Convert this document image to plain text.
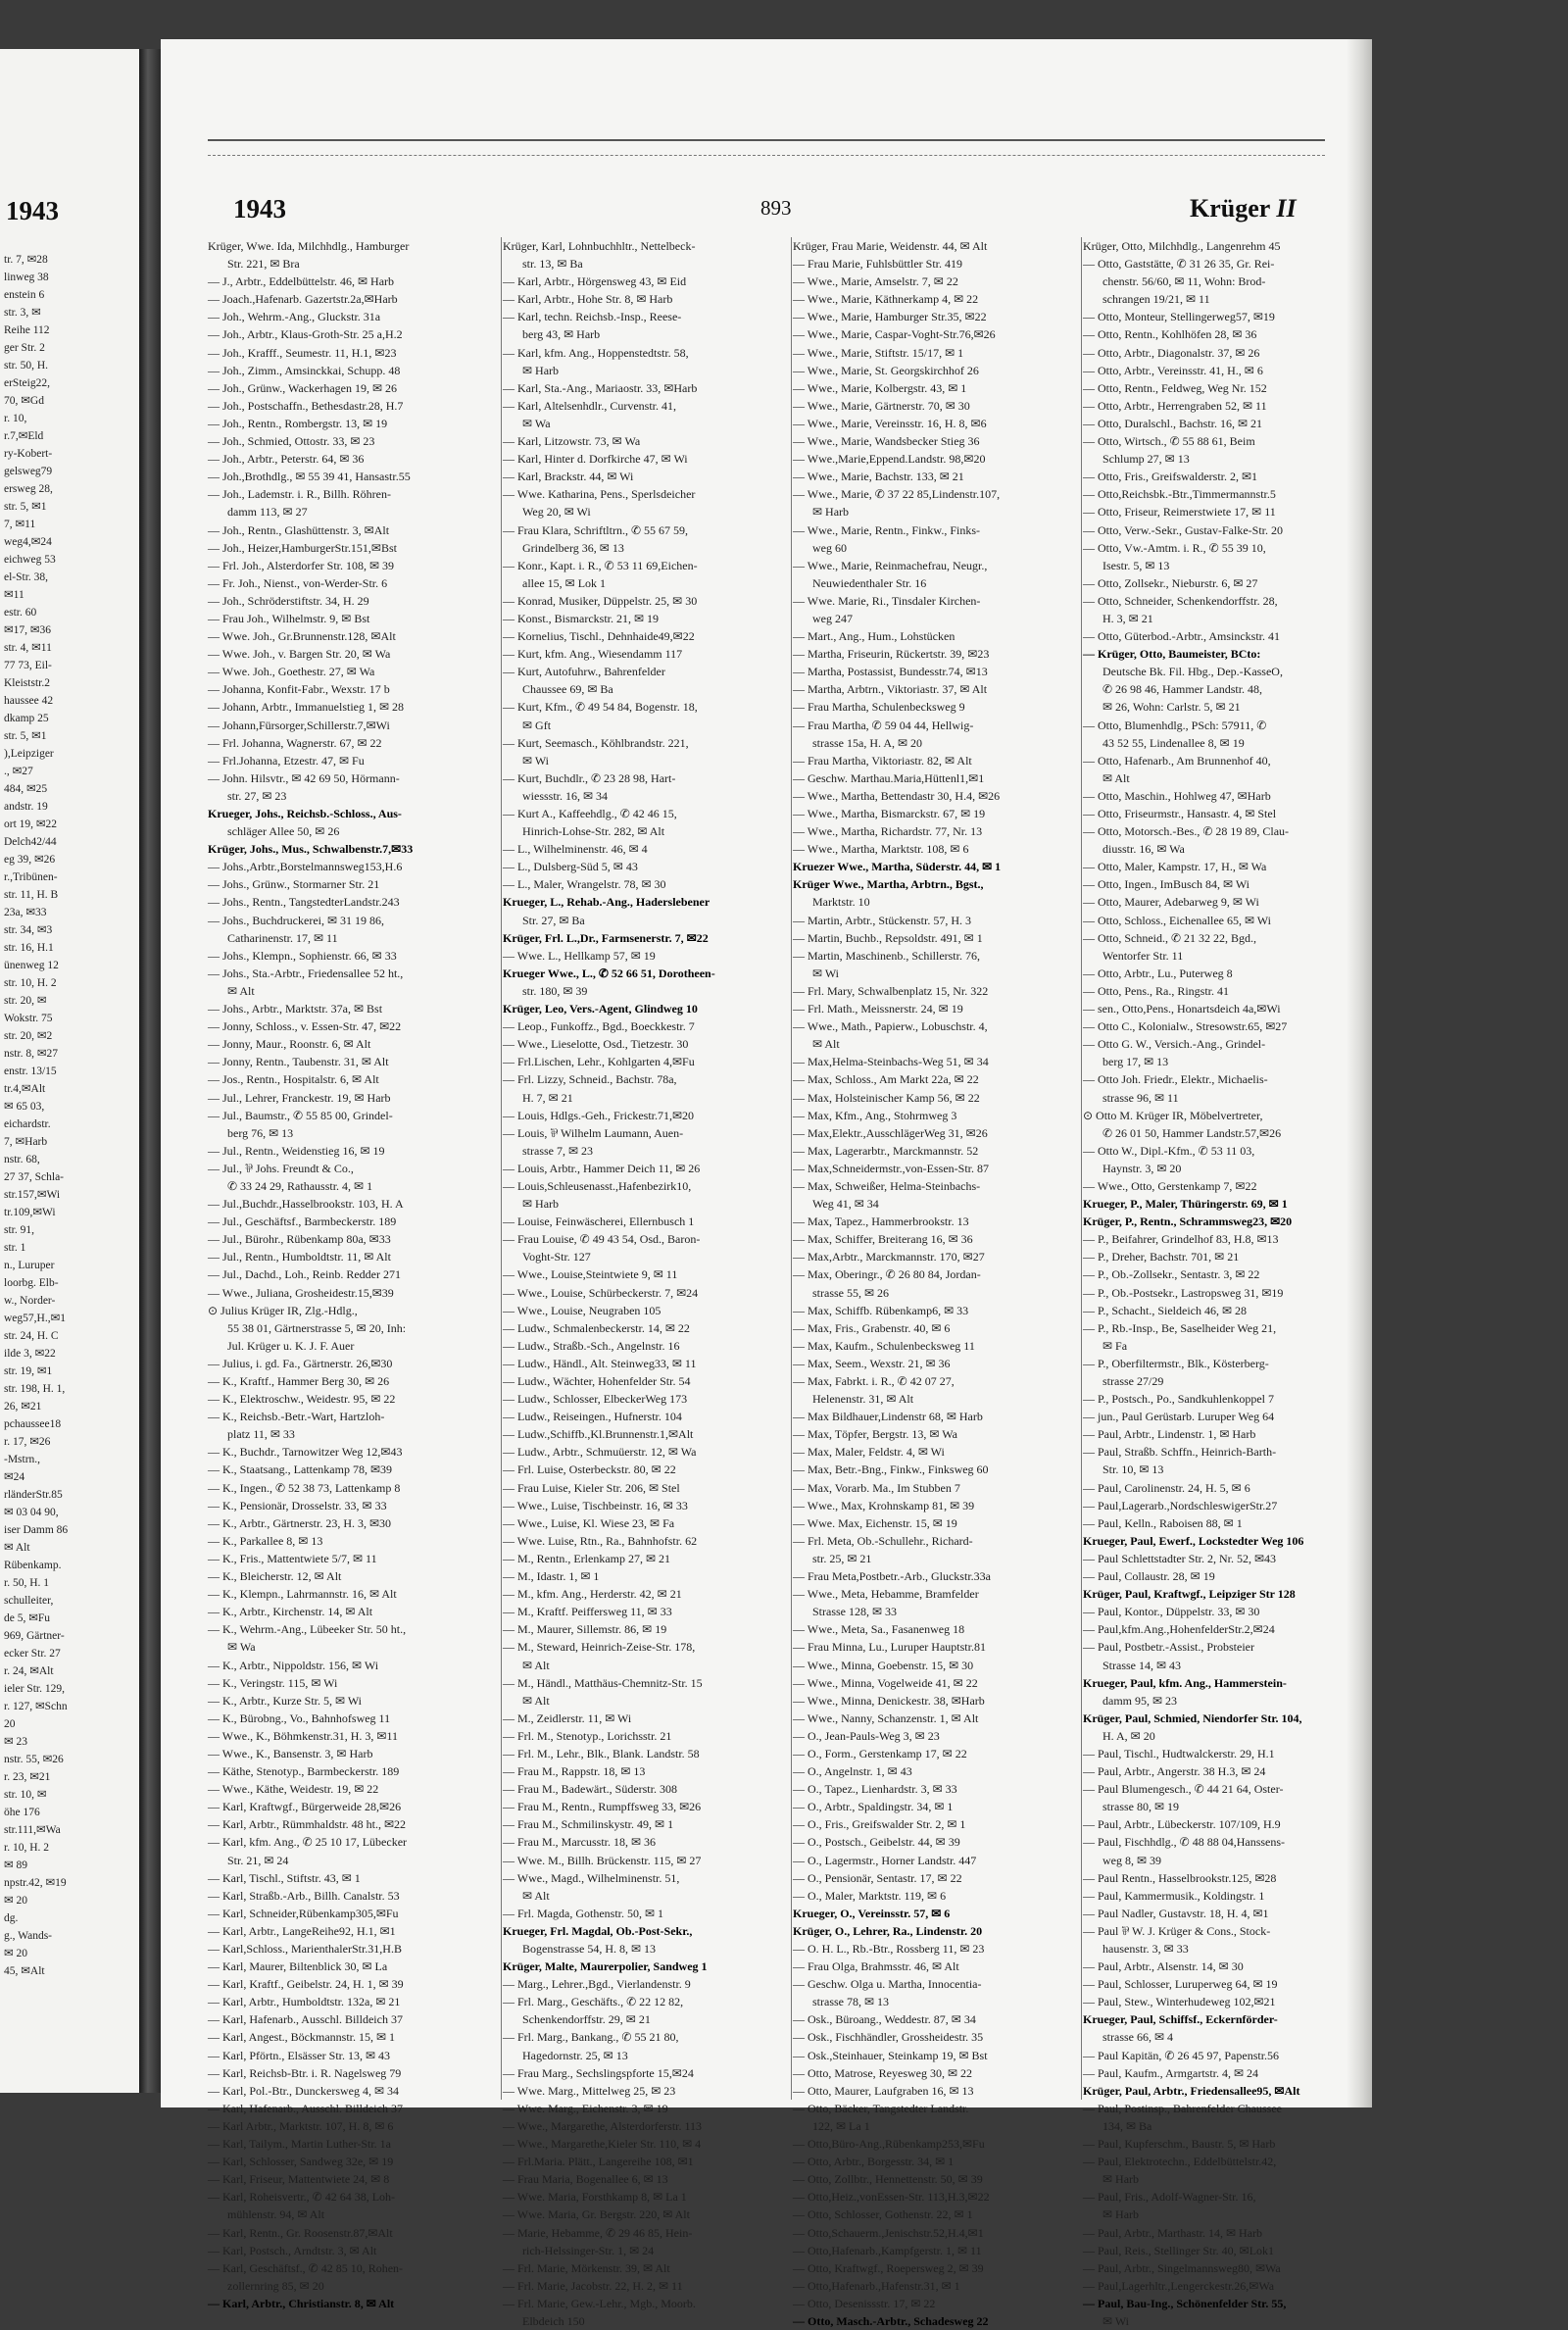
1943
tr. 7, ✉28
linweg 38
enstein 6
str. 3, ✉
Reihe 112
ger Str. 2
str. 50, H.
erSteig22,
70, ✉Gd
r. 10,
r.7,✉Eld
ry-Kobert-
gelsweg79
ersweg 28,
str. 5, ✉1
7, ✉11
weg4,✉24
eichweg 53
el-Str. 38,
✉11
estr. 60
✉17, ✉36
str. 4, ✉11
77 73, Eil-
Kleiststr.2
haussee 42
dkamp 25
str. 5, ✉1
),Leipziger
., ✉27
484, ✉25
andstr. 19
ort 19, ✉22
Delch42/44
eg 39, ✉26
r.,Tribünen-
str. 11, H. B
23a, ✉33
str. 34, ✉3
str. 16, H.1
ünenweg 12
str. 10, H. 2
str. 20, ✉
Wokstr. 75
str. 20, ✉2
nstr. 8, ✉27
enstr. 13/15
tr.4,✉Alt
✉ 65 03,
eichardstr.
7, ✉Harb
nstr. 68,
27 37, Schla-
str.157,✉Wi
tr.109,✉Wi
str. 91,
str. 1
n., Luruper
loorbg. Elb-
w., Norder-
weg57,H.,✉1
str. 24, H. C
ilde 3, ✉22
str. 19, ✉1
str. 198, H. 1,
26, ✉21
pchaussee18
r. 17, ✉26
-Mstrn.,
✉24
rländerStr.85
✉ 03 04 90,
iser Damm 86
✉ Alt
Rübenkamp.
r. 50, H. 1
schulleiter,
de 5, ✉Fu
969, Gärtner-
ecker Str. 27
r. 24, ✉Alt
ieler Str. 129,
r. 127, ✉Schn
20
✉ 23
nstr. 55, ✉26
r. 23, ✉21
str. 10, ✉
öhe 176
str.111,✉Wa
r. 10, H. 2
✉ 89
npstr.42, ✉19
✉ 20
dg.
g., Wands-
✉ 20
45, ✉Alt
1943	893	Krüger II
Krüger, Wwe. Ida, Milchhdlg., Hamburger
Str. 221, ✉ Bra
— J., Arbtr., Eddelbüttelstr. 46, ✉ Harb
— Joach.,Hafenarb. Gazertstr.2a,✉Harb
— Joh., Wehrm.-Ang., Gluckstr. 31a
— Joh., Arbtr., Klaus-Groth-Str. 25 a,H.2
— Joh., Krafff., Seumestr. 11, H.1, ✉23
— Joh., Zimm., Amsinckkai, Schupp. 48
— Joh., Grünw., Wackerhagen 19, ✉ 26
— Joh., Postschaffn., Bethesdastr.28, H.7
— Joh., Rentn., Rombergstr. 13, ✉ 19
— Joh., Schmied, Ottostr. 33, ✉ 23
— Joh., Arbtr., Peterstr. 64, ✉ 36
— Joh.,Brothdlg., ✉ 55 39 41, Hansastr.55
— Joh., Lademstr. i. R., Billh. Röhren-
damm 113, ✉ 27
— Joh., Rentn., Glashüttenstr. 3, ✉Alt
— Joh., Heizer,HamburgerStr.151,✉Bst
— Frl. Joh., Alsterdorfer Str. 108, ✉ 39
— Fr. Joh., Nienst., von-Werder-Str. 6
— Joh., Schröderstiftstr. 34, H. 29
— Frau Joh., Wilhelmstr. 9, ✉ Bst
— Wwe. Joh., Gr.Brunnenstr.128, ✉Alt
— Wwe. Joh., v. Bargen Str. 20, ✉ Wa
— Wwe. Joh., Goethestr. 27, ✉ Wa
— Johanna, Konfit-Fabr., Wexstr. 17 b
— Johann, Arbtr., Immanuelstieg 1, ✉ 28
— Johann,Fürsorger,Schillerstr.7,✉Wi
— Frl. Johanna, Wagnerstr. 67, ✉ 22
— Frl.Johanna, Etzestr. 47, ✉ Fu
— John. Hilsvtr., ✉ 42 69 50, Hörmann-
str. 27, ✉ 23
Krueger, Johs., Reichsb.-Schloss., Aus-
schläger Allee 50, ✉ 26
Krüger, Johs., Mus., Schwalbenstr.7,✉33
— Johs.,Arbtr.,Borstelmannsweg153,H.6
— Johs., Grünw., Stormarner Str. 21
— Johs., Rentn., TangstedterLandstr.243
— Johs., Buchdruckerei, ✉ 31 19 86,
Catharinenstr. 17, ✉ 11
— Johs., Klempn., Sophienstr. 66, ✉ 33
— Johs., Sta.-Arbtr., Friedensallee 52 ht.,
✉ Alt
— Johs., Arbtr., Marktstr. 37a, ✉ Bst
— Jonny, Schloss., v. Essen-Str. 47, ✉22
— Jonny, Maur., Roonstr. 6, ✉ Alt
— Jonny, Rentn., Taubenstr. 31, ✉ Alt
— Jos., Rentn., Hospitalstr. 6, ✉ Alt
— Jul., Lehrer, Franckestr. 19, ✉ Harb
— Jul., Baumstr., ✆ 55 85 00, Grindel-
berg 76, ✉ 13
— Jul., Rentn., Weidenstieg 16, ✉ 19
— Jul., ⅌ Johs. Freundt & Co.,
✆ 33 24 29, Rathausstr. 4, ✉ 1
— Jul.,Buchdr.,Hasselbrookstr. 103, H. A
— Jul., Geschäftsf., Barmbeckerstr. 189
— Jul., Bürohr., Rübenkamp 80a, ✉33
— Jul., Rentn., Humboldtstr. 11, ✉ Alt
— Jul., Dachd., Loh., Reinb. Redder 271
— Wwe., Juliana, Grosheidestr.15,✉39
⊙ Julius Krüger IR, Zlg.-Hdlg.,
55 38 01, Gärtnerstrasse 5, ✉ 20, Inh:
Jul. Krüger u. K. J. F. Auer
— Julius, i. gd. Fa., Gärtnerstr. 26,✉30
— K., Kraftf., Hammer Berg 30, ✉ 26
— K., Elektroschw., Weidestr. 95, ✉ 22
— K., Reichsb.-Betr.-Wart, Hartzloh-
platz 11, ✉ 33
— K., Buchdr., Tarnowitzer Weg 12,✉43
— K., Staatsang., Lattenkamp 78, ✉39
— K., Ingen., ✆ 52 38 73, Lattenkamp 8
— K., Pensionär, Drosselstr. 33, ✉ 33
— K., Arbtr., Gärtnerstr. 23, H. 3, ✉30
— K., Parkallee 8, ✉ 13
— K., Fris., Mattentwiete 5/7, ✉ 11
— K., Bleicherstr. 12, ✉ Alt
— K., Klempn., Lahrmannstr. 16, ✉ Alt
— K., Arbtr., Kirchenstr. 14, ✉ Alt
— K., Wehrm.-Ang., Lübeeker Str. 50 ht.,
✉ Wa
— K., Arbtr., Nippoldstr. 156, ✉ Wi
— K., Veringstr. 115, ✉ Wi
— K., Arbtr., Kurze Str. 5, ✉ Wi
— K., Bürobng., Vo., Bahnhofsweg 11
— Wwe., K., Böhmkenstr.31, H. 3, ✉11
— Wwe., K., Bansenstr. 3, ✉ Harb
— Käthe, Stenotyp., Barmbeckerstr. 189
— Wwe., Käthe, Weidestr. 19, ✉ 22
— Karl, Kraftwgf., Bürgerweide 28,✉26
— Karl, Arbtr., Rümmhaldstr. 48 ht., ✉22
— Karl, kfm. Ang., ✆ 25 10 17, Lübecker
Str. 21, ✉ 24
— Karl, Tischl., Stiftstr. 43, ✉ 1
— Karl, Straßb.-Arb., Billh. Canalstr. 53
— Karl, Schneider,Rübenkamp305,✉Fu
— Karl, Arbtr., LangeReihe92, H.1, ✉1
— Karl,Schloss., MarienthalerStr.31,H.B
— Karl, Maurer, Biltenblick 30, ✉ La
— Karl, Kraftf., Geibelstr. 24, H. 1, ✉ 39
— Karl, Arbtr., Humboldtstr. 132a, ✉ 21
— Karl, Hafenarb., Ausschl. Billdeich 37
— Karl, Angest., Böckmannstr. 15, ✉ 1
— Karl, Pförtn., Elsässer Str. 13, ✉ 43
— Karl, Reichsb-Btr. i. R. Nagelsweg 79
— Karl, Pol.-Btr., Dunckersweg 4, ✉ 34
— Karl, Hafenarb., Ausschl. Billdeich 37
— Karl Arbtr., Marktstr. 107, H. 8, ✉ 6
— Karl, Tailym., Martin Luther-Str. 1a
— Karl, Schlosser, Sandweg 32e, ✉ 19
— Karl, Friseur, Mattentwiete 24, ✉ 8
— Karl, Roheisvertr., ✆ 42 64 38, Loh-
mühlenstr. 94, ✉ Alt
— Karl, Rentn., Gr. Roosenstr.87,✉Alt
— Karl, Postsch., Arndtstr. 3, ✉ Alt
— Karl, Geschäftsf., ✆ 42 85 10, Rohen-
zollernring 85, ✉ 20
— Karl, Arbtr., Christianstr. 8, ✉ Alt
Krüger, Karl, Lohnbuchhltr., Nettelbeck-
str. 13, ✉ Ba
— Karl, Arbtr., Hörgensweg 43, ✉ Eid
— Karl, Arbtr., Hohe Str. 8, ✉ Harb
— Karl, techn. Reichsb.-Insp., Reese-
berg 43, ✉ Harb
— Karl, kfm. Ang., Hoppenstedtstr. 58,
✉ Harb
— Karl, Sta.-Ang., Mariaostr. 33, ✉Harb
— Karl, Altelsenhdlr., Curvenstr. 41,
✉ Wa
— Karl, Litzowstr. 73, ✉ Wa
— Karl, Hinter d. Dorfkirche 47, ✉ Wi
— Karl, Brackstr. 44, ✉ Wi
— Wwe. Katharina, Pens., Sperlsdeicher
Weg 20, ✉ Wi
— Frau Klara, Schriftltrn., ✆ 55 67 59,
Grindelberg 36, ✉ 13
— Konr., Kapt. i. R., ✆ 53 11 69,Eichen-
allee 15, ✉ Lok 1
— Konrad, Musiker, Düppelstr. 25, ✉ 30
— Konst., Bismarckstr. 21, ✉ 19
— Kornelius, Tischl., Dehnhaide49,✉22
— Kurt, kfm. Ang., Wiesendamm 117
— Kurt, Autofuhrw., Bahrenfelder
Chaussee 69, ✉ Ba
— Kurt, Kfm., ✆ 49 54 84, Bogenstr. 18,
✉ Gft
— Kurt, Seemasch., Köhlbrandstr. 221,
✉ Wi
— Kurt, Buchdlr., ✆ 23 28 98, Hart-
wiessstr. 16, ✉ 34
— Kurt A., Kaffeehdlg., ✆ 42 46 15,
Hinrich-Lohse-Str. 282, ✉ Alt
— L., Wilhelminenstr. 46, ✉ 4
— L., Dulsberg-Süd 5, ✉ 43
— L., Maler, Wrangelstr. 78, ✉ 30
Krueger, L., Rehab.-Ang., Haderslebener
Str. 27, ✉ Ba
Krüger, Frl. L.,Dr., Farmsenerstr. 7, ✉22
— Wwe. L., Hellkamp 57, ✉ 19
Krueger Wwe., L., ✆ 52 66 51, Dorotheen-
str. 180, ✉ 39
Krüger, Leo, Vers.-Agent, Glindweg 10
— Leop., Funkoffz., Bgd., Boeckkestr. 7
— Wwe., Lieselotte, Osd., Tietzestr. 30
— Frl.Lischen, Lehr., Kohlgarten 4,✉Fu
— Frl. Lizzy, Schneid., Bachstr. 78a,
H. 7, ✉ 21
— Louis, Hdlgs.-Geh., Frickestr.71,✉20
— Louis, ⅌ Wilhelm Laumann, Auen-
strasse 7, ✉ 23
— Louis, Arbtr., Hammer Deich 11, ✉ 26
— Louis,Schleusenasst.,Hafenbezirk10,
✉ Harb
— Louise, Feinwäscherei, Ellernbusch 1
— Frau Louise, ✆ 49 43 54, Osd., Baron-
Voght-Str. 127
— Wwe., Louise,Steintwiete 9, ✉ 11
— Wwe., Louise, Schürbeckerstr. 7, ✉24
— Wwe., Louise, Neugraben 105
— Ludw., Schmalenbeckerstr. 14, ✉ 22
— Ludw., Straßb.-Sch., Angelnstr. 16
— Ludw., Händl., Alt. Steinweg33, ✉ 11
— Ludw., Wächter, Hohenfelder Str. 54
— Ludw., Schlosser, ElbeckerWeg 173
— Ludw., Reiseingen., Hufnerstr. 104
— Ludw.,Schiffb.,Kl.Brunnenstr.1,✉Alt
— Ludw., Arbtr., Schmuüerstr. 12, ✉ Wa
— Frl. Luise, Osterbeckstr. 80, ✉ 22
— Frau Luise, Kieler Str. 206, ✉ Stel
— Wwe., Luise, Tischbeinstr. 16, ✉ 33
— Wwe., Luise, Kl. Wiese 23, ✉ Fa
— Wwe. Luise, Rtn., Ra., Bahnhofstr. 62
— M., Rentn., Erlenkamp 27, ✉ 21
— M., Idastr. 1, ✉ 1
— M., kfm. Ang., Herderstr. 42, ✉ 21
— M., Kraftf. Peiffersweg 11, ✉ 33
— M., Maurer, Sillemstr. 86, ✉ 19
— M., Steward, Heinrich-Zeise-Str. 178,
✉ Alt
— M., Händl., Matthäus-Chemnitz-Str. 15
✉ Alt
— M., Zeidlerstr. 11, ✉ Wi
— Frl. M., Stenotyp., Lorichsstr. 21
— Frl. M., Lehr., Blk., Blank. Landstr. 58
— Frau M., Rappstr. 18, ✉ 13
— Frau M., Badewärt., Süderstr. 308
— Frau M., Rentn., Rumpffsweg 33, ✉26
— Frau M., Schmilinskystr. 49, ✉ 1
— Frau M., Marcusstr. 18, ✉ 36
— Wwe. M., Billh. Brückenstr. 115, ✉ 27
— Wwe., Magd., Wilhelminenstr. 51,
✉ Alt
— Frl. Magda, Gothenstr. 50, ✉ 1
Krueger, Frl. Magdal, Ob.-Post-Sekr.,
Bogenstrasse 54, H. 8, ✉ 13
Krüger, Malte, Maurerpolier, Sandweg 1
— Marg., Lehrer.,Bgd., Vierlandenstr. 9
— Frl. Marg., Geschäfts., ✆ 22 12 82,
Schenkendorffstr. 29, ✉ 21
— Frl. Marg., Bankang., ✆ 55 21 80,
Hagedornstr. 25, ✉ 13
— Frau Marg., Sechslingspforte 15,✉24
— Wwe. Marg., Mittelweg 25, ✉ 23
— Wwe. Marg., Eichenstr. 3, ✉ 19
— Wwe., Margarethe, Alsterdorferstr. 113
— Wwe., Margarethe,Kieler Str. 110, ✉ 4
— Frl.Maria. Plätt., Langereihe 108, ✉1
— Frau Maria, Bogenallee 6, ✉ 13
— Wwe. Maria, Forsthkamp 8, ✉ La 1
— Wwe. Maria, Gr. Bergstr. 220, ✉ Alt
— Marie, Hebamme, ✆ 29 46 85, Hein-
rich-Helssinger-Str. 1, ✉ 24
— Frl. Marie, Mörkenstr. 39, ✉ Alt
— Frl. Marie, Jacobstr. 22, H. 2, ✉ 11
— Frl. Marie, Gew.-Lehr., Mgb., Moorb.
Elbdeich 150
Krüger, Frau Marie, Weidenstr. 44, ✉ Alt
— Frau Marie, Fuhlsbüttler Str. 419
— Wwe., Marie, Amselstr. 7, ✉ 22
— Wwe., Marie, Käthnerkamp 4, ✉ 22
— Wwe., Marie, Hamburger Str.35, ✉22
— Wwe., Marie, Caspar-Voght-Str.76,✉26
— Wwe., Marie, Stiftstr. 15/17, ✉ 1
— Wwe., Marie, St. Georgskirchhof 26
— Wwe., Marie, Kolbergstr. 43, ✉ 1
— Wwe., Marie, Gärtnerstr. 70, ✉ 30
— Wwe., Marie, Vereinsstr. 16, H. 8, ✉6
— Wwe., Marie, Wandsbecker Stieg 36
— Wwe.,Marie,Eppend.Landstr. 98,✉20
— Wwe., Marie, Bachstr. 133, ✉ 21
— Wwe., Marie, ✆ 37 22 85,Lindenstr.107,
✉ Harb
— Wwe., Marie, Rentn., Finkw., Finks-
weg 60
— Wwe., Marie, Reinmachefrau, Neugr.,
Neuwiedenthaler Str. 16
— Wwe. Marie, Ri., Tinsdaler Kirchen-
weg 247
— Mart., Ang., Hum., Lohstücken
— Martha, Friseurin, Rückertstr. 39, ✉23
— Martha, Postassist, Bundesstr.74, ✉13
— Martha, Arbtrn., Viktoriastr. 37, ✉ Alt
— Frau Martha, Schulenbecksweg 9
— Frau Martha, ✆ 59 04 44, Hellwig-
strasse 15a, H. A, ✉ 20
— Frau Martha, Viktoriastr. 82, ✉ Alt
— Geschw. Marthau.Maria,Hüttenl1,✉1
— Wwe., Martha, Bettendastr 30, H.4, ✉26
— Wwe., Martha, Bismarckstr. 67, ✉ 19
— Wwe., Martha, Richardstr. 77, Nr. 13
— Wwe., Martha, Marktstr. 108, ✉ 6
Kruezer Wwe., Martha, Süderstr. 44, ✉ 1
Krüger Wwe., Martha, Arbtrn., Bgst.,
Marktstr. 10
— Martin, Arbtr., Stückenstr. 57, H. 3
— Martin, Buchb., Repsoldstr. 491, ✉ 1
— Martin, Maschinenb., Schillerstr. 76,
✉ Wi
— Frl. Mary, Schwalbenplatz 15, Nr. 322
— Frl. Math., Meissnerstr. 24, ✉ 19
— Wwe., Math., Papierw., Lobuschstr. 4,
✉ Alt
— Max,Helma-Steinbachs-Weg 51, ✉ 34
— Max, Schloss., Am Markt 22a, ✉ 22
— Max, Holsteinischer Kamp 56, ✉ 22
— Max, Kfm., Ang., Stohrmweg 3
— Max,Elektr.,AusschlägerWeg 31, ✉26
— Max, Lagerarbtr., Marckmannstr. 52
— Max,Schneidermstr.,von-Essen-Str. 87
— Max, Schweißer, Helma-Steinbachs-
Weg 41, ✉ 34
— Max, Tapez., Hammerbrookstr. 13
— Max, Schiffer, Breiterang 16, ✉ 36
— Max,Arbtr., Marckmannstr. 170, ✉27
— Max, Oberingr., ✆ 26 80 84, Jordan-
strasse 55, ✉ 26
— Max, Schiffb. Rübenkamp6, ✉ 33
— Max, Fris., Grabenstr. 40, ✉ 6
— Max, Kaufm., Schulenbecksweg 11
— Max, Seem., Wexstr. 21, ✉ 36
— Max, Fabrkt. i. R., ✆ 42 07 27,
Helenenstr. 31, ✉ Alt
— Max Bildhauer,Lindenstr 68, ✉ Harb
— Max, Töpfer, Bergstr. 13, ✉ Wa
— Max, Maler, Feldstr. 4, ✉ Wi
— Max, Betr.-Bng., Finkw., Finksweg 60
— Max, Vorarb. Ma., Im Stubben 7
— Wwe., Max, Krohnskamp 81, ✉ 39
— Wwe. Max, Eichenstr. 15, ✉ 19
— Frl. Meta, Ob.-Schullehr., Richard-
str. 25, ✉ 21
— Frau Meta,Postbetr.-Arb., Gluckstr.33a
— Wwe., Meta, Hebamme, Bramfelder
Strasse 128, ✉ 33
— Wwe., Meta, Sa., Fasanenweg 18
— Frau Minna, Lu., Luruper Hauptstr.81
— Wwe., Minna, Goebenstr. 15, ✉ 30
— Wwe., Minna, Vogelweide 41, ✉ 22
— Wwe., Minna, Denickestr. 38, ✉Harb
— Wwe., Nanny, Schanzenstr. 1, ✉ Alt
— O., Jean-Pauls-Weg 3, ✉ 23
— O., Form., Gerstenkamp 17, ✉ 22
— O., Angelnstr. 1, ✉ 43
— O., Tapez., Lienhardstr. 3, ✉ 33
— O., Arbtr., Spaldingstr. 34, ✉ 1
— O., Fris., Greifswalder Str. 2, ✉ 1
— O., Postsch., Geibelstr. 44, ✉ 39
— O., Lagermstr., Horner Landstr. 447
— O., Pensionär, Sentastr. 17, ✉ 22
— O., Maler, Marktstr. 119, ✉ 6
Krueger, O., Vereinsstr. 57, ✉ 6
Krüger, O., Lehrer, Ra., Lindenstr. 20
— O. H. L., Rb.-Btr., Rossberg 11, ✉ 23
— Frau Olga, Brahmsstr. 46, ✉ Alt
— Geschw. Olga u. Martha, Innocentia-
strasse 78, ✉ 13
— Osk., Büroang., Weddestr. 87, ✉ 34
— Osk., Fischhändler, Grossheidestr. 35
— Osk.,Steinhauer, Steinkamp 19, ✉ Bst
— Otto, Matrose, Reyesweg 30, ✉ 22
— Otto, Maurer, Laufgraben 16, ✉ 13
— Otto, Bäcker, Tangstedter Landstr.
122, ✉ La 1
— Otto,Büro-Ang.,Rübenkamp253,✉Fu
— Otto, Arbtr., Borgesstr. 34, ✉ 1
— Otto, Zollbtr., Hennettenstr. 50, ✉ 39
— Otto,Heiz.,vonEssen-Str. 113,H.3,✉22
— Otto, Schlosser, Gothenstr. 22, ✉ 1
— Otto,Schauerm.,Jenischstr.52,H.4,✉1
— Otto,Hafenarb.,Kampfgerstr. 1, ✉ 11
— Otto, Kraftwgf., Roepersweg 2, ✉ 39
— Otto,Hafenarb.,Hafenstr.31, ✉ 1
— Otto, Desenissstr. 17, ✉ 22
— Otto, Masch.-Arbtr., Schadesweg 22
Krüger, Otto, Milchhdlg., Langenrehm 45
— Otto, Gaststätte, ✆ 31 26 35, Gr. Rei-
chenstr. 56/60, ✉ 11, Wohn: Brod-
schrangen 19/21, ✉ 11
— Otto, Monteur, Stellingerweg57, ✉19
— Otto, Rentn., Kohlhöfen 28, ✉ 36
— Otto, Arbtr., Diagonalstr. 37, ✉ 26
— Otto, Arbtr., Vereinsstr. 41, H., ✉ 6
— Otto, Rentn., Feldweg, Weg Nr. 152
— Otto, Arbtr., Herrengraben 52, ✉ 11
— Otto, Duralschl., Bachstr. 16, ✉ 21
— Otto, Wirtsch., ✆ 55 88 61, Beim
Schlump 27, ✉ 13
— Otto, Fris., Greifswalderstr. 2, ✉1
— Otto,Reichsbk.-Btr.,Timmermannstr.5
— Otto, Friseur, Reimerstwiete 17, ✉ 11
— Otto, Verw.-Sekr., Gustav-Falke-Str. 20
— Otto, Vw.-Amtm. i. R., ✆ 55 39 10,
Isestr. 5, ✉ 13
— Otto, Zollsekr., Nieburstr. 6, ✉ 27
— Otto, Schneider, Schenkendorffstr. 28,
H. 3, ✉ 21
— Otto, Güterbod.-Arbtr., Amsinckstr. 41
— Krüger, Otto, Baumeister, BCto:
Deutsche Bk. Fil. Hbg., Dep.-KasseO,
✆ 26 98 46, Hammer Landstr. 48,
✉ 26, Wohn: Carlstr. 5, ✉ 21
— Otto, Blumenhdlg., PSch: 57911, ✆
43 52 55, Lindenallee 8, ✉ 19
— Otto, Hafenarb., Am Brunnenhof 40,
✉ Alt
— Otto, Maschin., Hohlweg 47, ✉Harb
— Otto, Friseurmstr., Hansastr. 4, ✉ Stel
— Otto, Motorsch.-Bes., ✆ 28 19 89, Clau-
diusstr. 16, ✉ Wa
— Otto, Maler, Kampstr. 17, H., ✉ Wa
— Otto, Ingen., ImBusch 84, ✉ Wi
— Otto, Maurer, Adebarweg 9, ✉ Wi
— Otto, Schloss., Eichenallee 65, ✉ Wi
— Otto, Schneid., ✆ 21 32 22, Bgd.,
Wentorfer Str. 11
— Otto, Arbtr., Lu., Puterweg 8
— Otto, Pens., Ra., Ringstr. 41
— sen., Otto,Pens., Honartsdeich 4a,✉Wi
— Otto C., Kolonialw., Stresowstr.65, ✉27
— Otto G. W., Versich.-Ang., Grindel-
berg 17, ✉ 13
— Otto Joh. Friedr., Elektr., Michaelis-
strasse 96, ✉ 11
⊙ Otto M. Krüger IR, Möbelvertreter,
✆ 26 01 50, Hammer Landstr.57,✉26
— Otto W., Dipl.-Kfm., ✆ 53 11 03,
Haynstr. 3, ✉ 20
— Wwe., Otto, Gerstenkamp 7, ✉22
Krueger, P., Maler, Thüringerstr. 69, ✉ 1
Krüger, P., Rentn., Schrammsweg23, ✉20
— P., Beifahrer, Grindelhof 83, H.8, ✉13
— P., Dreher, Bachstr. 701, ✉ 21
— P., Ob.-Zollsekr., Sentastr. 3, ✉ 22
— P., Ob.-Postsekr., Lastropsweg 31, ✉19
— P., Schacht., Sieldeich 46, ✉ 28
— P., Rb.-Insp., Be, Saselheider Weg 21,
✉ Fa
— P., Oberfiltermstr., Blk., Kösterberg-
strasse 27/29
— P., Postsch., Po., Sandkuhlenkoppel 7
— jun., Paul Gerüstarb. Luruper Weg 64
— Paul, Arbtr., Lindenstr. 1, ✉ Harb
— Paul, Straßb. Schffn., Heinrich-Barth-
Str. 10, ✉ 13
— Paul, Carolinenstr. 24, H. 5, ✉ 6
— Paul,Lagerarb.,NordschleswigerStr.27
— Paul, Kelln., Raboisen 88, ✉ 1
Krueger, Paul, Ewerf., Lockstedter Weg 106
— Paul Schlettstadter Str. 2, Nr. 52, ✉43
— Paul, Collaustr. 28, ✉ 19
Krüger, Paul, Kraftwgf., Leipziger Str 128
— Paul, Kontor., Düppelstr. 33, ✉ 30
— Paul,kfm.Ang.,HohenfelderStr.2,✉24
— Paul, Postbetr.-Assist., Probsteier
Strasse 14, ✉ 43
Krueger, Paul, kfm. Ang., Hammerstein-
damm 95, ✉ 23
Krüger, Paul, Schmied, Niendorfer Str. 104,
H. A, ✉ 20
— Paul, Tischl., Hudtwalckerstr. 29, H.1
— Paul, Arbtr., Angerstr. 38 H.3, ✉ 24
— Paul Blumengesch., ✆ 44 21 64, Oster-
strasse 80, ✉ 19
— Paul, Arbtr., Lübeckerstr. 107/109, H.9
— Paul, Fischhdlg., ✆ 48 88 04,Hanssens-
weg 8, ✉ 39
— Paul Rentn., Hasselbrookstr.125, ✉28
— Paul, Kammermusik., Koldingstr. 1
— Paul Nadler, Gustavstr. 18, H. 4, ✉1
— Paul ⅌ W. J. Krüger & Cons., Stock-
hausenstr. 3, ✉ 33
— Paul, Arbtr., Alsenstr. 14, ✉ 30
— Paul, Schlosser, Luruperweg 64, ✉ 19
— Paul, Stew., Winterhudeweg 102,✉21
Krueger, Paul, Schiffsf., Eckernförder-
strasse 66, ✉ 4
— Paul Kapitän, ✆ 26 45 97, Papenstr.56
— Paul, Kaufm., Armgartstr. 4, ✉ 24
Krüger, Paul, Arbtr., Friedensallee95, ✉Alt
— Paul, Postinsp., Bahrenfelder Chaussee
134, ✉ Ba
— Paul, Kupferschm., Baustr. 5, ✉ Harb
— Paul, Elektrotechn., Eddelbüttelstr.42,
✉ Harb
— Paul, Fris., Adolf-Wagner-Str. 16,
✉ Harb
— Paul, Arbtr., Marthastr. 14, ✉ Harb
— Paul, Reis., Stellinger Str. 40, ✉Lok1
— Paul, Arbtr., Singelmannsweg80, ✉Wa
— Paul,Lagerhltr.,Lengerckestr.26,✉Wa
— Paul, Bau-Ing., Schönenfelder Str. 55,
✉ Wi
